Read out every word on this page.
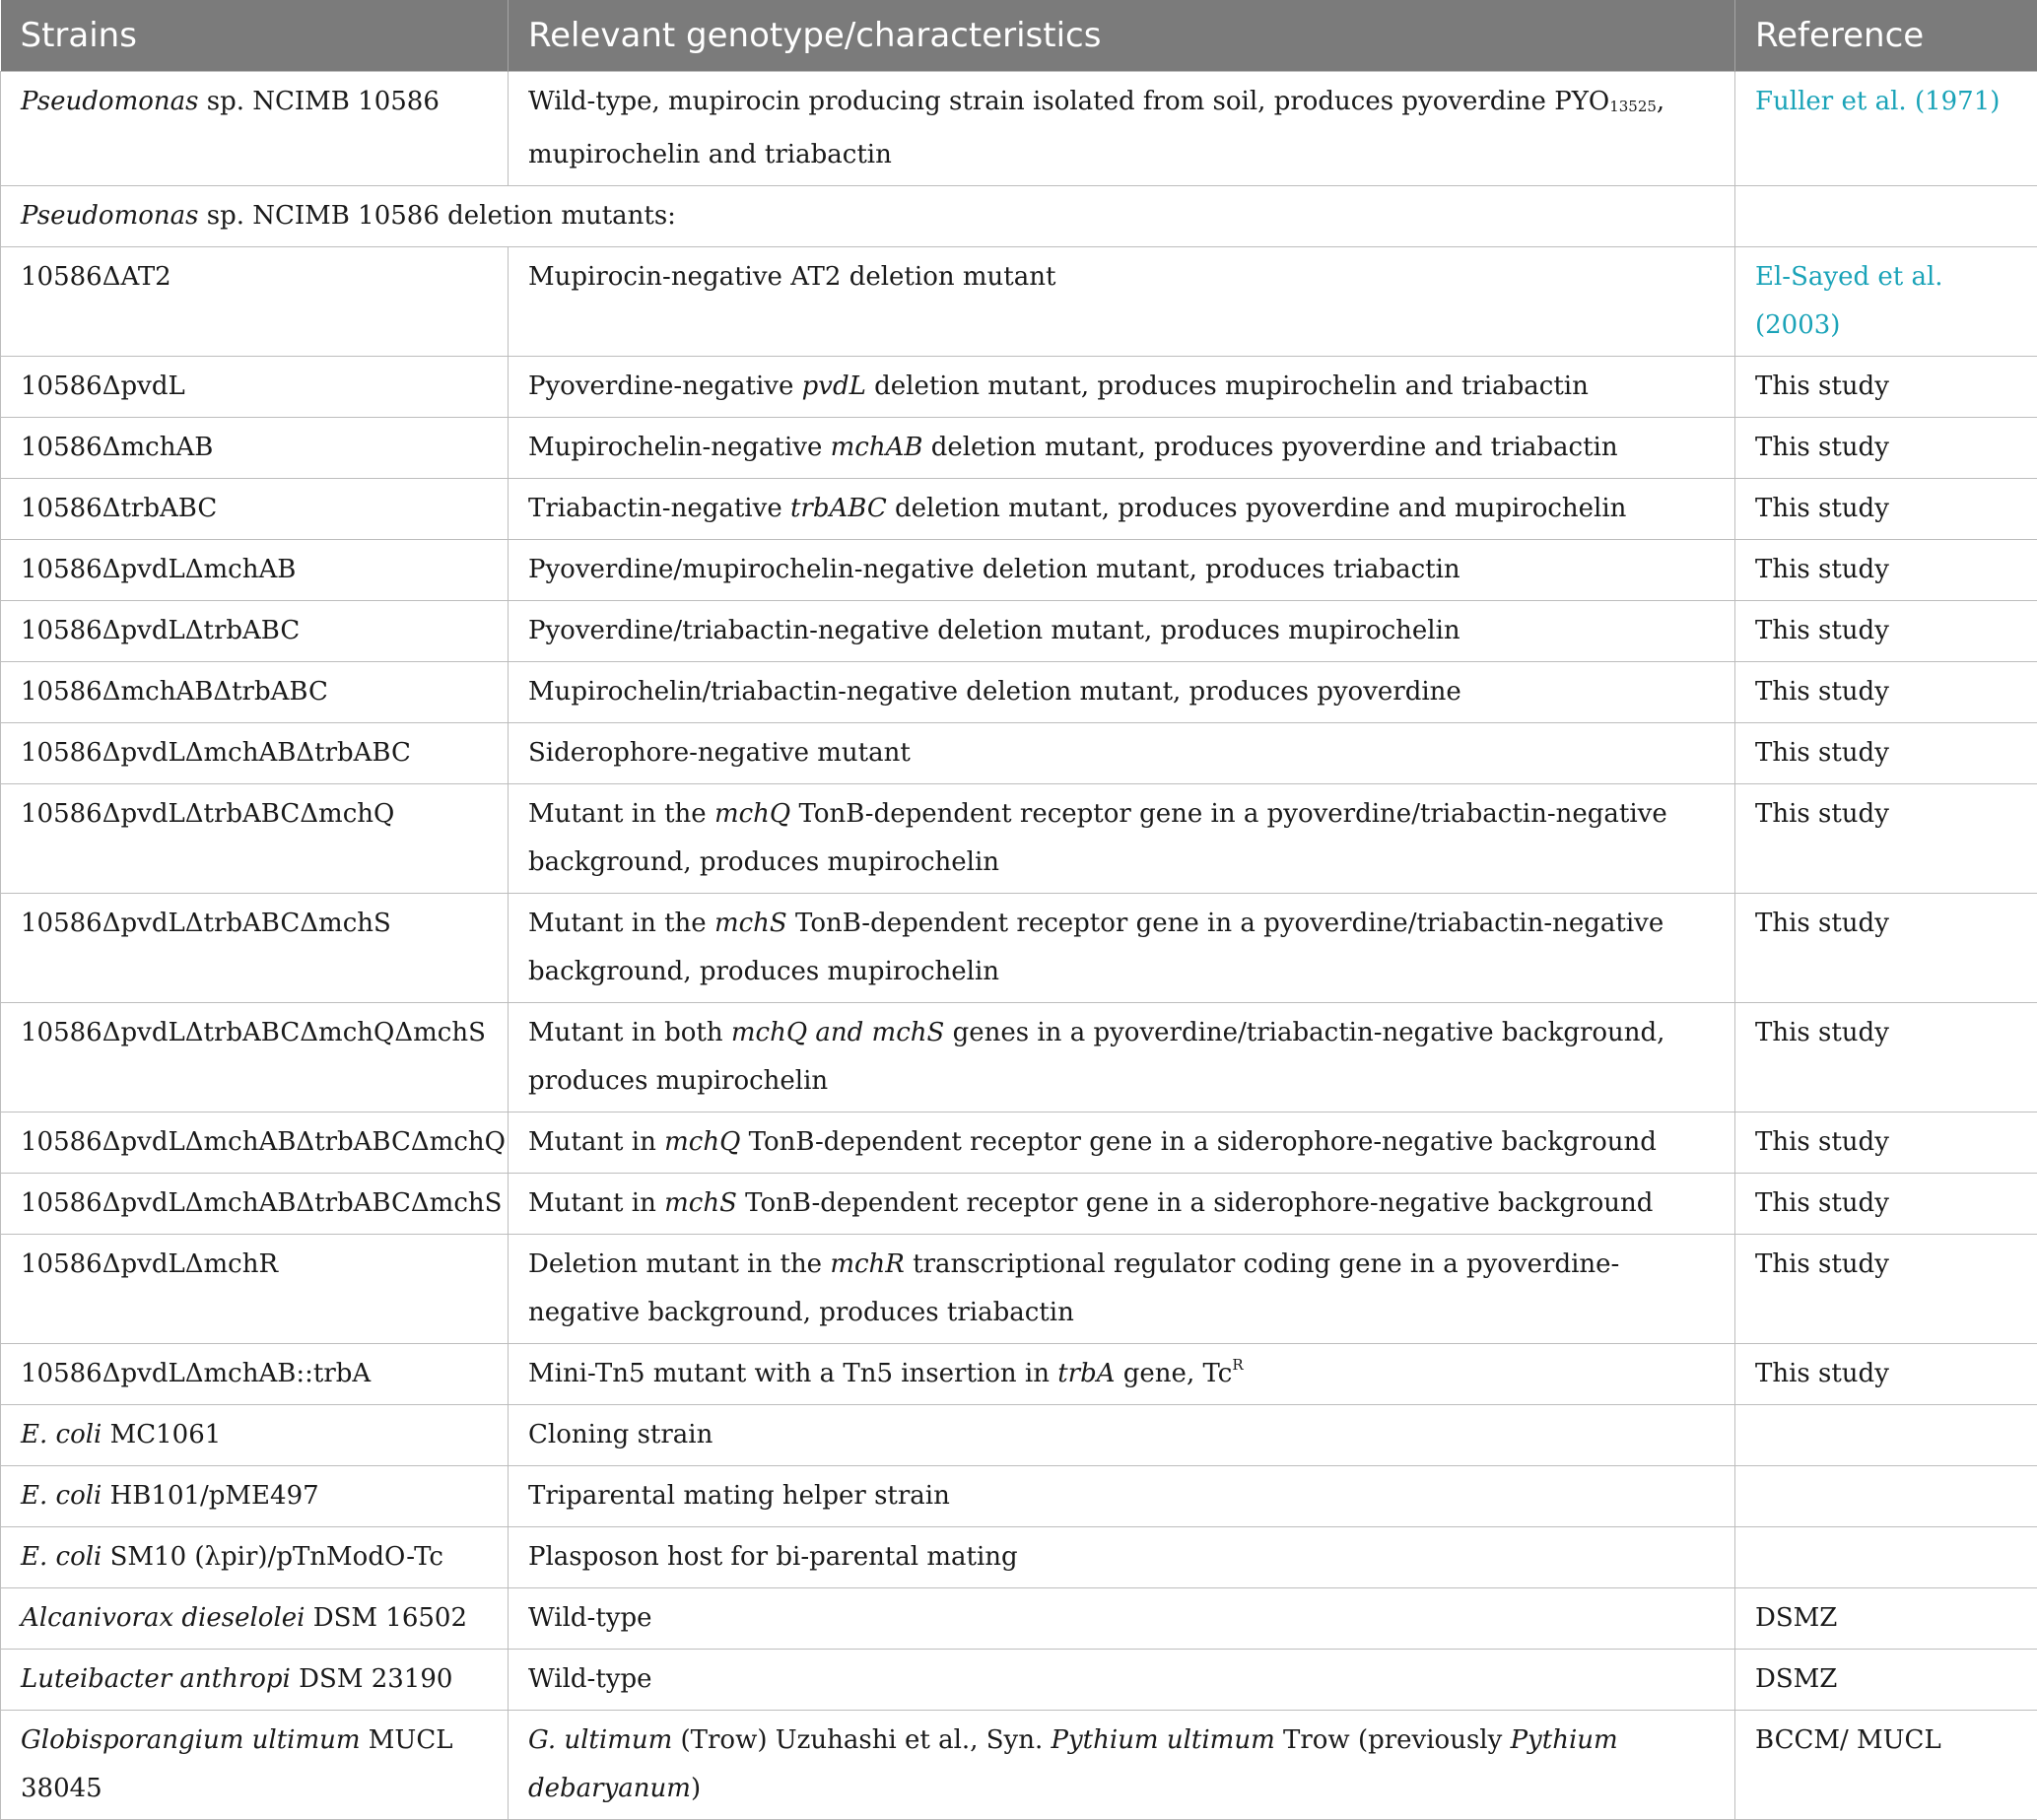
Strains	Relevant genotype/characteristics	Reference
Pseudomonas sp. NCIMB 10586	Wild-type, mupirocin producing strain isolated from soil, produces pyoverdine $PYO_{13525}$, mupirochelin and triabactin	Fuller et al. (1971)
Pseudomonas sp. NCIMB 10586 deletion mutants:		
10586ΔAT2	Mupirocin-negative AT2 deletion mutant	El-Sayed et al. (2003)
10586ΔpvdL	Pyoverdine-negative pvdL deletion mutant, produces mupirochelin and triabactin	This study
10586ΔmchAB	Mupirochelin-negative mchAB deletion mutant, produces pyoverdine and triabactin	This study
10586ΔtrbABC	Triabactin-negative trbABC deletion mutant, produces pyoverdine and mupirochelin	This study
10586ΔpvdLΔmchAB	Pyoverdine/mupirochelin-negative deletion mutant, produces triabactin	This study
10586ΔpvdLΔtrbABC	Pyoverdine/triabactin-negative deletion mutant, produces mupirochelin	This study
10586ΔmchABΔtrbABC	Mupirochelin/triabactin-negative deletion mutant, produces pyoverdine	This study
10586ΔpvdLΔmchABΔtrbABC	Siderophore-negative mutant	This study
10586ΔpvdLΔtrbABCΔmchQ	Mutant in the mchQ TonB-dependent receptor gene in a pyoverdine/triabactin-negative background, produces mupirochelin	This study
10586ΔpvdLΔtrbABCΔmchS	Mutant in the mchS TonB-dependent receptor gene in a pyoverdine/triabactin-negative background, produces mupirochelin	This study
10586ΔpvdLΔtrbABCΔmchQΔmchS	Mutant in both mchQ and mchS genes in a pyoverdine/triabactin-negative background, produces mupirochelin	This study
10586ΔpvdLΔmchABΔtrbABCΔmchQ	Mutant in mchQ TonB-dependent receptor gene in a siderophore-negative background	This study
10586ΔpvdLΔmchABΔtrbABCΔmchS	Mutant in mchS TonB-dependent receptor gene in a siderophore-negative background	This study
10586ΔpvdLΔmchR	Deletion mutant in the mchR transcriptional regulator coding gene in a pyoverdine-negative background, produces triabactin	This study
10586ΔpvdLΔmchAB::trbA	Mini-Tn5 mutant with a Tn5 insertion in trbA gene, $Tc^R$	This study
E. coli MC1061	Cloning strain	
E. coli HB101/pME497	Triparental mating helper strain	
E. coli SM10 (λpir)/pTnModO-Tc	Plasposon host for bi-parental mating	
Alcanivorax dieselolei DSM 16502	Wild-type	DSMZ
Luteibacter anthropi DSM 23190	Wild-type	DSMZ
Globisporangium ultimum MUCL 38045	G. ultimum (Trow) Uzuhashi et al., Syn. Pythium ultimum Trow (previously Pythium debaryanum)	BCCM/ MUCL
